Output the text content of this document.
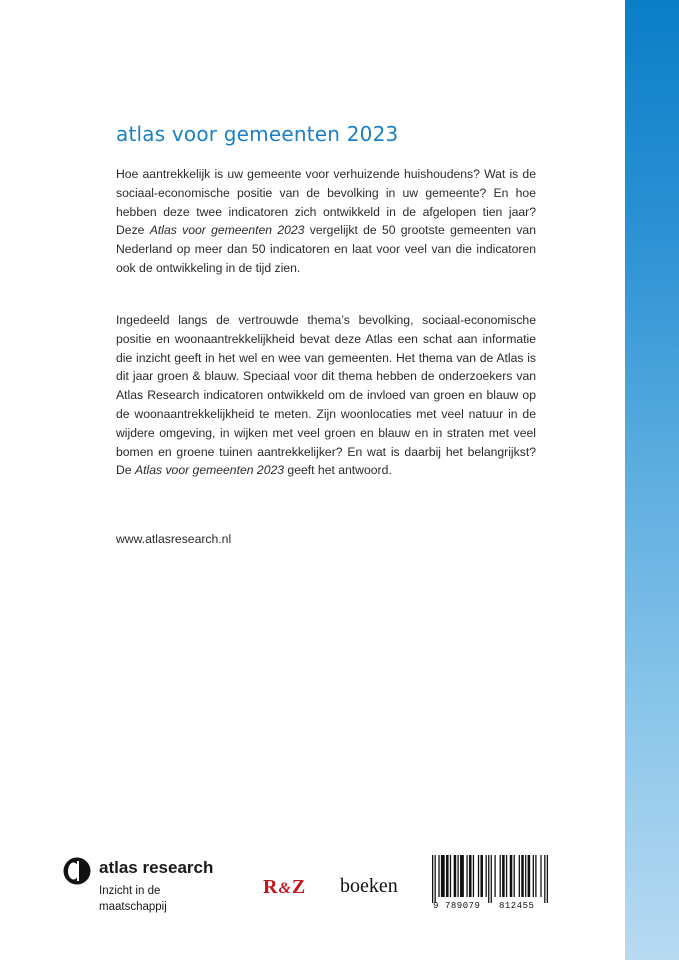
atlas voor gemeenten 2023
Hoe aantrekkelijk is uw gemeente voor verhuizende huishoudens? Wat is de sociaal-economische positie van de bevolking in uw gemeente? En hoe hebben deze twee indicatoren zich ontwikkeld in de afgelopen tien jaar? Deze Atlas voor gemeenten 2023 vergelijkt de 50 grootste gemeenten van Nederland op meer dan 50 indicatoren en laat voor veel van die indicatoren ook de ontwikkeling in de tijd zien.
Ingedeeld langs de vertrouwde thema’s bevolking, sociaal-economische positie en woonaantrekkelijkheid bevat deze Atlas een schat aan informatie die inzicht geeft in het wel en wee van gemeenten. Het thema van de Atlas is dit jaar groen & blauw. Speciaal voor dit thema hebben de onderzoekers van Atlas Research indicatoren ontwikkeld om de invloed van groen en blauw op de woonaantrekkelijkheid te meten. Zijn woonlocaties met veel natuur in de wijdere omgeving, in wijken met veel groen en blauw en in straten met veel bomen en groene tuinen aantrekkelijker? En wat is daarbij het belangrijkst? De Atlas voor gemeenten 2023 geeft het antwoord.
www.atlasresearch.nl
atlas research
Inzicht in de maatschappij
R&Z boeken
9 789079 812455
